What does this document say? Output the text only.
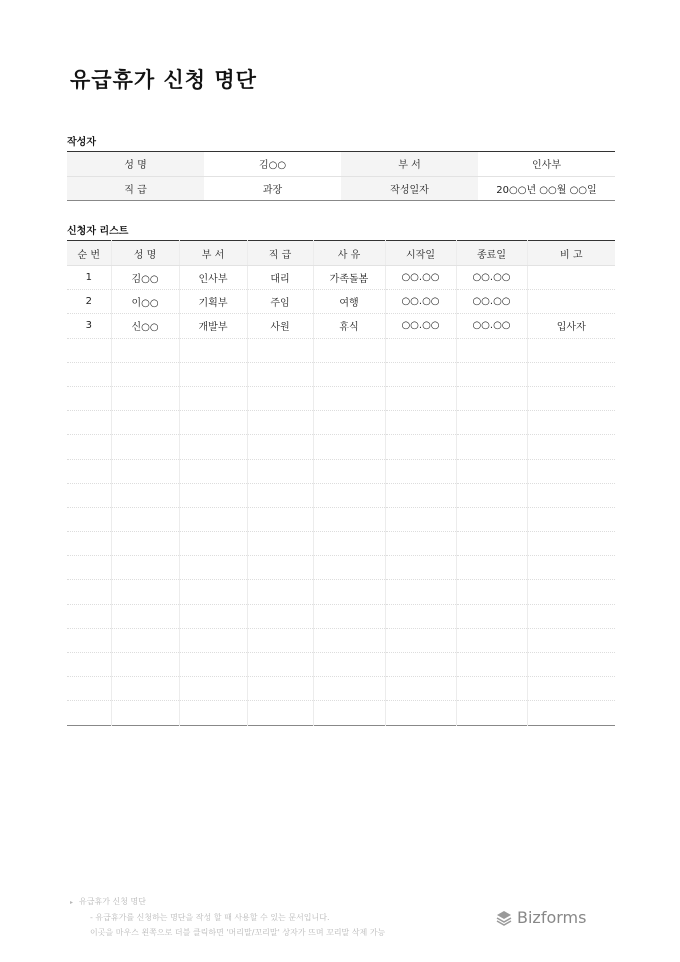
유급휴가 신청 명단
작성자
성 명	김○○	부 서	인사부
직 급	과장	작성일자	20○○년 ○○월 ○○일
신청자 리스트
순 번	성 명	부 서	직 급	사 유	시작일	종료일	비 고
1	김○○	인사부	대리	가족돌봄	○○.○○	○○.○○	
2	이○○	기획부	주임	여행	○○.○○	○○.○○	
3	신○○	개발부	사원	휴식	○○.○○	○○.○○	입사자

▸ 유급휴가 신청 명단
- 유급휴가를 신청하는 명단을 작성 할 때 사용할 수 있는 문서입니다.
이곳을 마우스 왼쪽으로 더블 클릭하면 '머리말/꼬리말' 상자가 뜨며 꼬리말 삭제 가능
Bizforms
